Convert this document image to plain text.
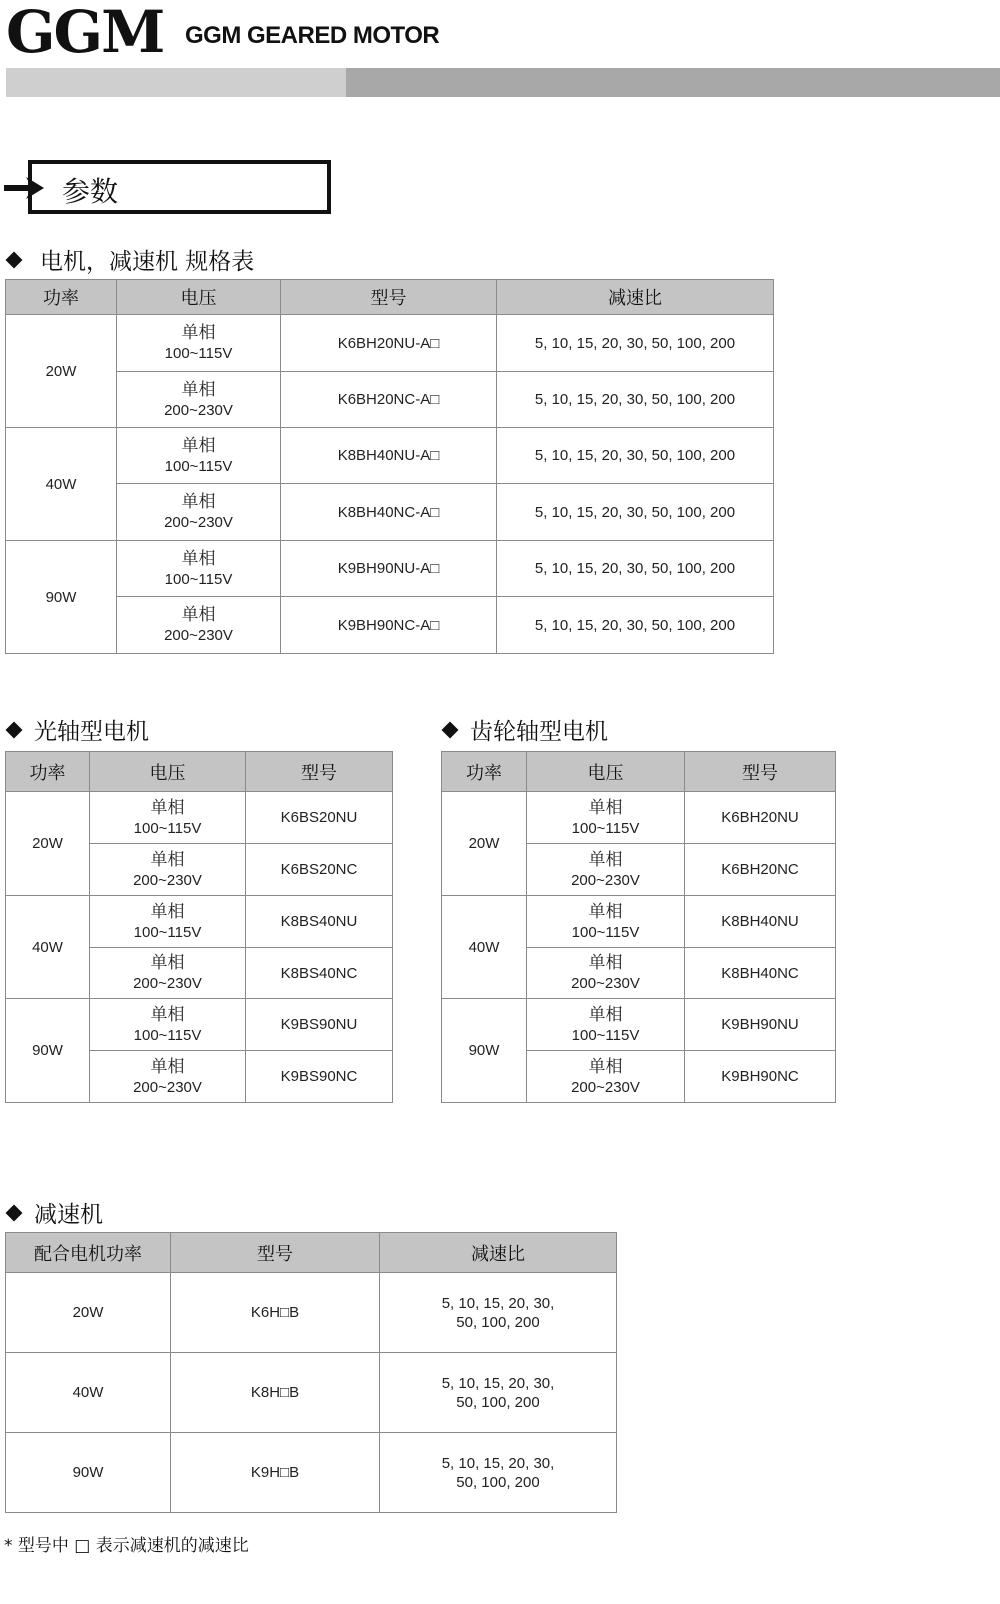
GGM GGM GEARED MOTOR
参数
电机，减速机 规格表
功率	电压	型号	减速比
20W	单相
100~115V	K6BH20NU-A□	5, 10, 15, 20, 30, 50, 100, 200

	单相
200~230V	K6BH20NC-A□	5, 10, 15, 20, 30, 50, 100, 200
40W	单相
100~115V	K8BH40NU-A□	5, 10, 15, 20, 30, 50, 100, 200

	单相
200~230V	K8BH40NC-A□	5, 10, 15, 20, 30, 50, 100, 200
90W	单相
100~115V	K9BH90NU-A□	5, 10, 15, 20, 30, 50, 100, 200

	单相
200~230V	K9BH90NC-A□	5, 10, 15, 20, 30, 50, 100, 200
光轴型电机
功率	电压	型号
20W	单相
100~115V	K6BS20NU

	单相
200~230V	K6BS20NC
40W	单相
100~115V	K8BS40NU

	单相
200~230V	K8BS40NC
90W	单相
100~115V	K9BS90NU

	单相
200~230V	K9BS90NC
齿轮轴型电机
功率	电压	型号
20W	单相
100~115V	K6BH20NU

	单相
200~230V	K6BH20NC
40W	单相
100~115V	K8BH40NU

	单相
200~230V	K8BH40NC
90W	单相
100~115V	K9BH90NU

	单相
200~230V	K9BH90NC
减速机
配合电机功率	型号	减速比
20W	K6H□B	5, 10, 15, 20, 30,
50, 100, 200

40W	K8H□B	5, 10, 15, 20, 30,
50, 100, 200

90W	K9H□B	5, 10, 15, 20, 30,
50, 100, 200
* 型号中 □ 表示减速机的减速比
